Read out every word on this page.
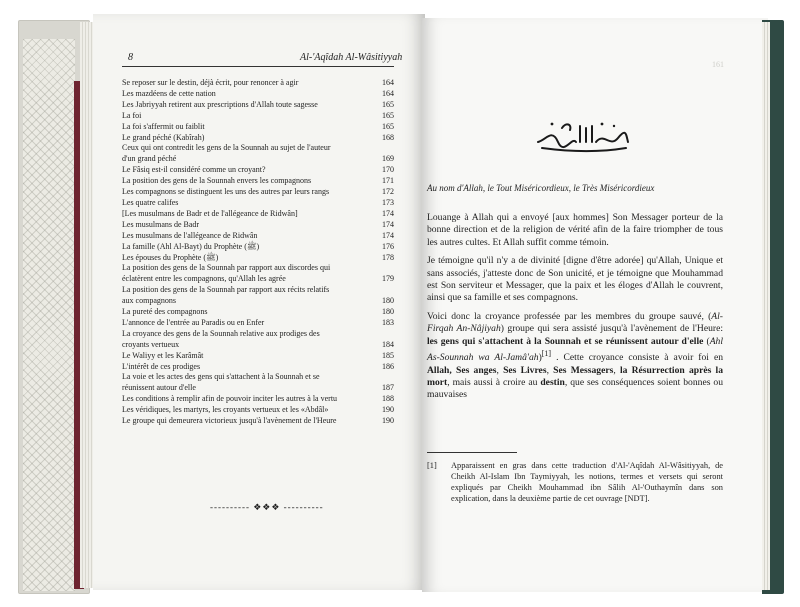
8	Al-'Aqîdah Al-Wâsitiyyah
Se reposer sur le destin, déjà écrit, pour renoncer à agir	164
Les mazdéens de cette nation	164
Les Jabriyyah retirent aux prescriptions d'Allah toute sagesse	165
La foi	165
La foi s'affermit ou faiblit	165
Le grand péché (Kabîrah)	168
Ceux qui ont contredit les gens de la Sounnah au sujet de l'auteur
d'un grand péché	169
Le Fâsiq est-il considéré comme un croyant?	170
La position des gens de la Sounnah envers les compagnons	171
Les compagnons se distinguent les uns des autres par leurs rangs	172
Les quatre califes	173
[Les musulmans de Badr et de l'allégeance de Ridwân]	174
Les musulmans de Badr	174
Les musulmans de l'allégeance de Ridwân	174
La famille (Ahl Al-Bayt) du Prophète (ﷺ)	176
Les épouses du Prophète (ﷺ)	178
La position des gens de la Sounnah par rapport aux discordes qui
éclatèrent entre les compagnons, qu'Allah les agrée	179
La position des gens de la Sounnah par rapport aux récits relatifs
aux compagnons	180
La pureté des compagnons	180
L'annonce de l'entrée au Paradis ou en Enfer	183
La croyance des gens de la Sounnah relative aux prodiges des
croyants vertueux	184
Le Waliyy et les Karâmât	185
L'intérêt de ces prodiges	186
La voie et les actes des gens qui s'attachent à la Sounnah et se
réunissent autour d'elle	187
Les conditions à remplir afin de pouvoir inciter les autres à la vertu	188
Les véridiques, les martyrs, les croyants vertueux et les «Abdâl»	190
Le groupe qui demeurera victorieux jusqu'à l'avènement de l'Heure	190
---------- ❖❖❖ ----------
161
Au nom d'Allah, le Tout Miséricordieux, le Très Miséricordieux

Louange à Allah qui a envoyé [aux hommes] Son Messager porteur de la bonne direction et de la religion de vérité afin de la faire triompher de tous les autres cultes. Et Allah suffit comme témoin.

Je témoigne qu'il n'y a de divinité [digne d'être adorée] qu'Allah, Unique et sans associés, j'atteste donc de Son unicité, et je témoigne que Mouhammad est Son serviteur et Messager, que la paix et les éloges d'Allah le couvrent, ainsi que sa famille et ses compagnons.

Voici donc la croyance professée par les membres du groupe sauvé, (Al-Firqah An-Nâjiyah) groupe qui sera assisté jusqu'à l'avènement de l'Heure: les gens qui s'attachent à la Sounnah et se réunissent autour d'elle (Ahl As-Sounnah wa Al-Jamâ'ah)[1] . Cette croyance consiste à avoir foi en Allah, Ses anges, Ses Livres, Ses Messagers, la Résurrection après la mort, mais aussi à croire au destin, que ses conséquences soient bonnes ou mauvaises

[1] Apparaissent en gras dans cette traduction d'Al-'Aqîdah Al-Wâsitiyyah, de Cheikh Al-Islam Ibn Taymiyyah, les notions, termes et versets qui seront expliqués par Cheikh Mouhammad ibn Sâlih Al-'Outhaymîn dans son explication, dans la deuxième partie de cet ouvrage [NDT].
